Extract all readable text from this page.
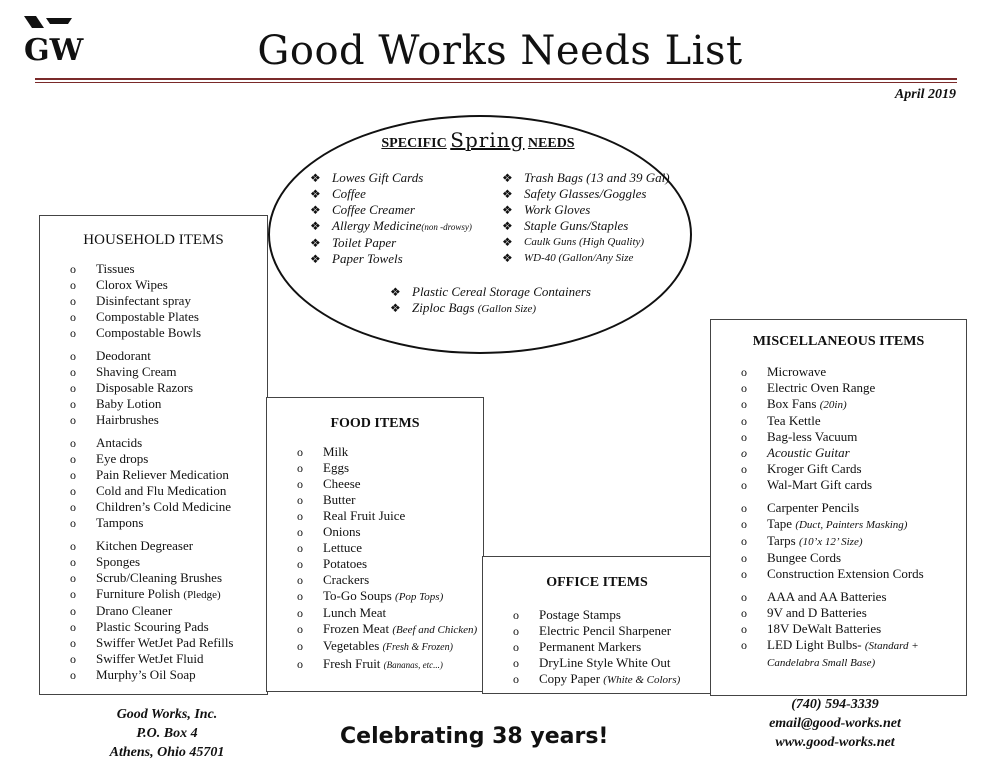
GW	Good Works Needs List
April 2019
HOUSEHOLD ITEMS
o Tissues
o Clorox Wipes
o Disinfectant spray
o Compostable Plates
o Compostable Bowls
o Deodorant
o Shaving Cream
o Disposable Razors
o Baby Lotion
o Hairbrushes
o Antacids
o Eye drops
o Pain Reliever Medication
o Cold and Flu Medication
o Children’s Cold Medicine
o Tampons
o Kitchen Degreaser
o Sponges
o Scrub/Cleaning Brushes
o Furniture Polish (Pledge)
o Drano Cleaner
o Plastic Scouring Pads
o Swiffer WetJet Pad Refills
o Swiffer WetJet Fluid
o Murphy’s Oil Soap
FOOD ITEMS
o Milk
o Eggs
o Cheese
o Butter
o Real Fruit Juice
o Onions
o Lettuce
o Potatoes
o Crackers
o To-Go Soups (Pop Tops)
o Lunch Meat
o Frozen Meat (Beef and Chicken)
o Vegetables (Fresh & Frozen)
o Fresh Fruit (Bananas, etc...)
OFFICE ITEMS
o Postage Stamps
o Electric Pencil Sharpener
o Permanent Markers
o DryLine Style White Out
o Copy Paper (White & Colors)
MISCELLANEOUS ITEMS
o Microwave
o Electric Oven Range
o Box Fans (20in)
o Tea Kettle
o Bag-less Vacuum
o Acoustic Guitar
o Kroger Gift Cards
o Wal-Mart Gift cards
o Carpenter Pencils
o Tape (Duct, Painters Masking)
o Tarps (10’x 12’ Size)
o Bungee Cords
o Construction Extension Cords
o AAA and AA Batteries
o 9V and D Batteries
o 18V DeWalt Batteries
o LED Light Bulbs- (Standard + Candelabra Small Base)
SPECIFIC Spring NEEDS
❖ Lowes Gift Cards
❖ Coffee
❖ Coffee Creamer
❖ Allergy Medicine(non -drowsy)
❖ Toilet Paper
❖ Paper Towels
❖ Trash Bags (13 and 39 Gal)
❖ Safety Glasses/Goggles
❖ Work Gloves
❖ Staple Guns/Staples
❖ Caulk Guns (High Quality)
❖ WD-40 (Gallon/Any Size
❖ Plastic Cereal Storage Containers
❖ Ziploc Bags (Gallon Size)
Good Works, Inc.
P.O. Box 4
Athens, Ohio 45701
Celebrating 38 years!
(740) 594-3339
email@good-works.net
www.good-works.net
